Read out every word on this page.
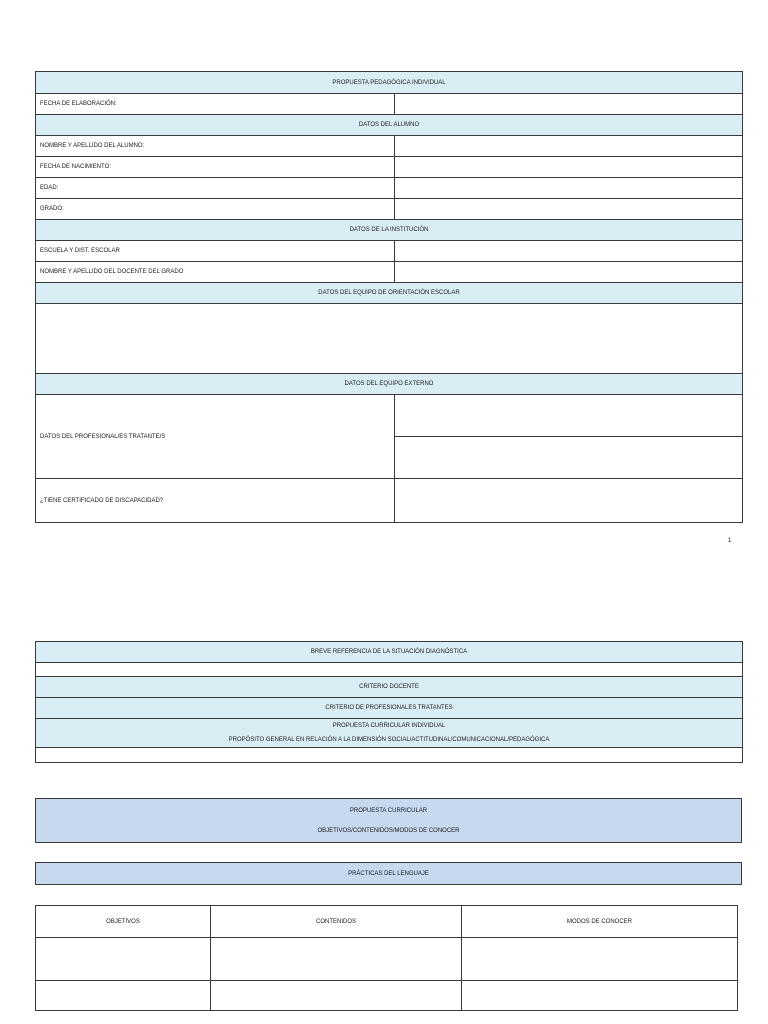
PROPUESTA PEDAGÓGICA INDIVIDUAL	
FECHA DE ELABORACIÓN:	
DATOS DEL ALUMNO	
NOMBRE Y APELLIDO DEL ALUMNO:	
FECHA DE NACIMIENTO:	
EDAD:	
GRADO:	
DATOS DE LA INSTITUCIÓN	
ESCUELA Y DIST. ESCOLAR	
NOMBRE Y APELLIDO DEL DOCENTE DEL GRADO	
DATOS DEL EQUIPO DE ORIENTACIÓN ESCOLAR	

DATOS DEL EQUIPO EXTERNO	
DATOS DEL PROFESIONAL/ES TRATANTE/S	

¿TIENE CERTIFICADO DE DISCAPACIDAD?	
1
BREVE REFERENCIA DE LA SITUACIÓN DIAGNÓSTICA

CRITERIO DOCENTE
CRITERIO DE PROFESIONALES TRATANTES

PROPUESTA CURRICULAR INDIVIDUAL
PROPÓSITO GENERAL EN RELACIÓN A LA DIMENSIÓN SOCIAL/ACTITUDINAL/COMUNICACIONAL/PEDAGÓGICA

PROPUESTA CURRICULAR
OBJETIVOS/CONTENIDOS/MODOS DE CONOCER
PRÁCTICAS DEL LENGUAJE
OBJETIVOS	CONTENIDOS	MODOS DE CONOCER
